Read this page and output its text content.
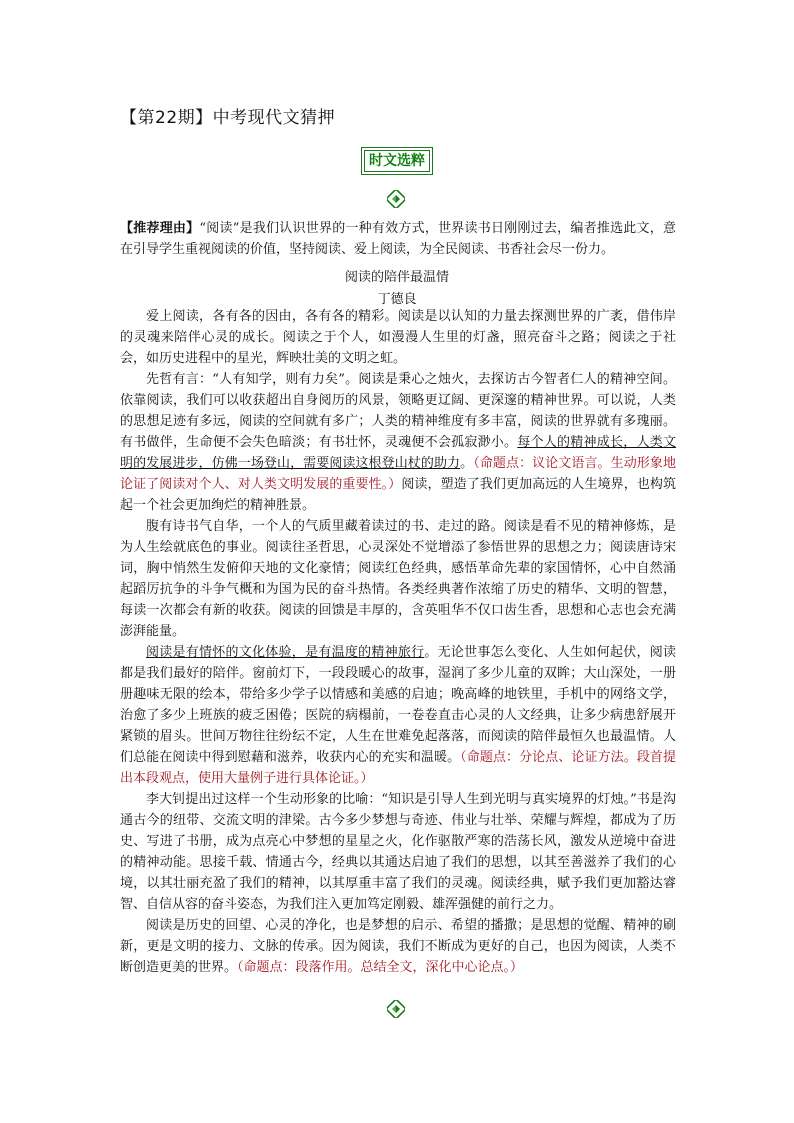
【第22期】中考现代文猜押
时文选粹
【推荐理由】“阅读”是我们认识世界的一种有效方式，世界读书日刚刚过去，编者推选此文，意在引导学生重视阅读的价值，坚持阅读、爱上阅读，为全民阅读、书香社会尽一份力。
阅读的陪伴最温情
丁德良

爱上阅读，各有各的因由，各有各的精彩。阅读是以认知的力量去探测世界的广袤，借伟岸的灵魂来陪伴心灵的成长。阅读之于个人，如漫漫人生里的灯盏，照亮奋斗之路；阅读之于社会，如历史进程中的星光，辉映壮美的文明之虹。

先哲有言：“人有知学，则有力矣”。阅读是秉心之烛火，去探访古今智者仁人的精神空间。依靠阅读，我们可以收获超出自身阅历的风景，领略更辽阔、更深邃的精神世界。可以说，人类的思想足迹有多远，阅读的空间就有多广；人类的精神维度有多丰富，阅读的世界就有多瑰丽。有书做伴，生命便不会失色暗淡；有书壮怀，灵魂便不会孤寂渺小。每个人的精神成长，人类文明的发展进步，仿佛一场登山，需要阅读这根登山杖的助力。（命题点：议论文语言。生动形象地论证了阅读对个人、对人类文明发展的重要性。）阅读，塑造了我们更加高远的人生境界，也构筑起一个社会更加绚烂的精神胜景。

腹有诗书气自华，一个人的气质里藏着读过的书、走过的路。阅读是看不见的精神修炼，是为人生绘就底色的事业。阅读往圣哲思，心灵深处不觉增添了参悟世界的思想之力；阅读唐诗宋词，胸中悄然生发俯仰天地的文化豪情；阅读红色经典，感悟革命先辈的家国情怀，心中自然涌起蹈厉抗争的斗争气概和为国为民的奋斗热情。各类经典著作浓缩了历史的精华、文明的智慧，每读一次都会有新的收获。阅读的回馈是丰厚的，含英咀华不仅口齿生香，思想和心志也会充满澎湃能量。

阅读是有情怀的文化体验，是有温度的精神旅行。无论世事怎么变化、人生如何起伏，阅读都是我们最好的陪伴。窗前灯下，一段段暖心的故事，湿润了多少儿童的双眸；大山深处，一册册趣味无限的绘本，带给多少学子以情感和美感的启迪；晚高峰的地铁里，手机中的网络文学，治愈了多少上班族的疲乏困倦；医院的病榻前，一卷卷直击心灵的人文经典，让多少病患舒展开紧锁的眉头。世间万物往往纷纭不定，人生在世难免起落落，而阅读的陪伴最恒久也最温情。人们总能在阅读中得到慰藉和滋养，收获内心的充实和温暖。（命题点：分论点、论证方法。段首提出本段观点，使用大量例子进行具体论证。）

李大钊提出过这样一个生动形象的比喻：“知识是引导人生到光明与真实境界的灯烛。”书是沟通古今的纽带、交流文明的津梁。古今多少梦想与奇迹、伟业与壮举、荣耀与辉煌，都成为了历史、写进了书册，成为点亮心中梦想的星星之火，化作驱散严寒的浩荡长风，激发从逆境中奋进的精神动能。思接千载、情通古今，经典以其通达启迪了我们的思想，以其至善滋养了我们的心境，以其壮丽充盈了我们的精神，以其厚重丰富了我们的灵魂。阅读经典，赋予我们更加豁达睿智、自信从容的奋斗姿态，为我们注入更加笃定刚毅、雄浑强健的前行之力。

阅读是历史的回望、心灵的净化，也是梦想的启示、希望的播撒；是思想的觉醒、精神的刷新，更是文明的接力、文脉的传承。因为阅读，我们不断成为更好的自己，也因为阅读，人类不断创造更美的世界。（命题点：段落作用。总结全文，深化中心论点。）
